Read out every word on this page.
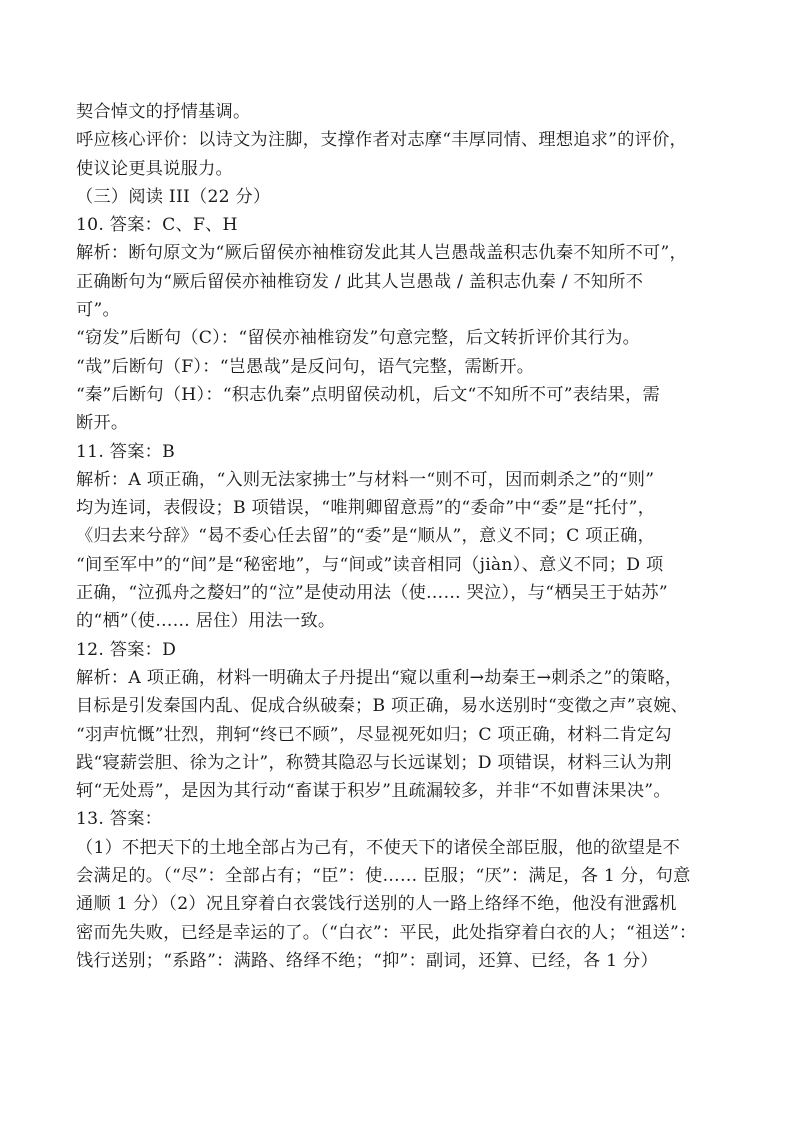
契合悼文的抒情基调。
呼应核心评价：以诗文为注脚，支撑作者对志摩“丰厚同情、理想追求”的评价，
使议论更具说服力。
（三）阅读 III（22 分）
10. 答案：C、F、H
解析：断句原文为“厥后留侯亦袖椎窃发此其人岂愚哉盖积志仇秦不知所不可”，
正确断句为“厥后留侯亦袖椎窃发 / 此其人岂愚哉 / 盖积志仇秦 / 不知所不
可”。
“窃发”后断句（C）：“留侯亦袖椎窃发”句意完整，后文转折评价其行为。
“哉”后断句（F）：“岂愚哉”是反问句，语气完整，需断开。
“秦”后断句（H）：“积志仇秦”点明留侯动机，后文“不知所不可”表结果，需
断开。
11. 答案：B
解析：A 项正确，“入则无法家拂士”与材料一“则不可，因而刺杀之”的“则”
均为连词，表假设；B 项错误，“唯荆卿留意焉”的“委命”中“委”是“托付”，
《归去来兮辞》“曷不委心任去留”的“委”是“顺从”，意义不同；C 项正确，
“间至军中”的“间”是“秘密地”，与“间或”读音相同（jiàn）、意义不同；D 项
正确，“泣孤舟之嫠妇”的“泣”是使动用法（使…… 哭泣），与“栖吴王于姑苏”
的“栖”（使…… 居住）用法一致。
12. 答案：D
解析：A 项正确，材料一明确太子丹提出“窥以重利→劫秦王→刺杀之”的策略，
目标是引发秦国内乱、促成合纵破秦；B 项正确，易水送别时“变徵之声”哀婉、
“羽声忼慨”壮烈，荆轲“终已不顾”，尽显视死如归；C 项正确，材料二肯定勾
践“寝薪尝胆、徐为之计”，称赞其隐忍与长远谋划；D 项错误，材料三认为荆
轲“无处焉”，是因为其行动“畜谋于积岁”且疏漏较多，并非“不如曹沫果决”。
13. 答案：
（1）不把天下的土地全部占为己有，不使天下的诸侯全部臣服，他的欲望是不
会满足的。（“尽”：全部占有；“臣”：使…… 臣服；“厌”：满足，各 1 分，句意
通顺 1 分）（2）况且穿着白衣裳饯行送别的人一路上络绎不绝，他没有泄露机
密而先失败，已经是幸运的了。（“白衣”：平民，此处指穿着白衣的人；“祖送”：
饯行送别；“系路”：满路、络绎不绝；“抑”：副词，还算、已经，各 1 分）
